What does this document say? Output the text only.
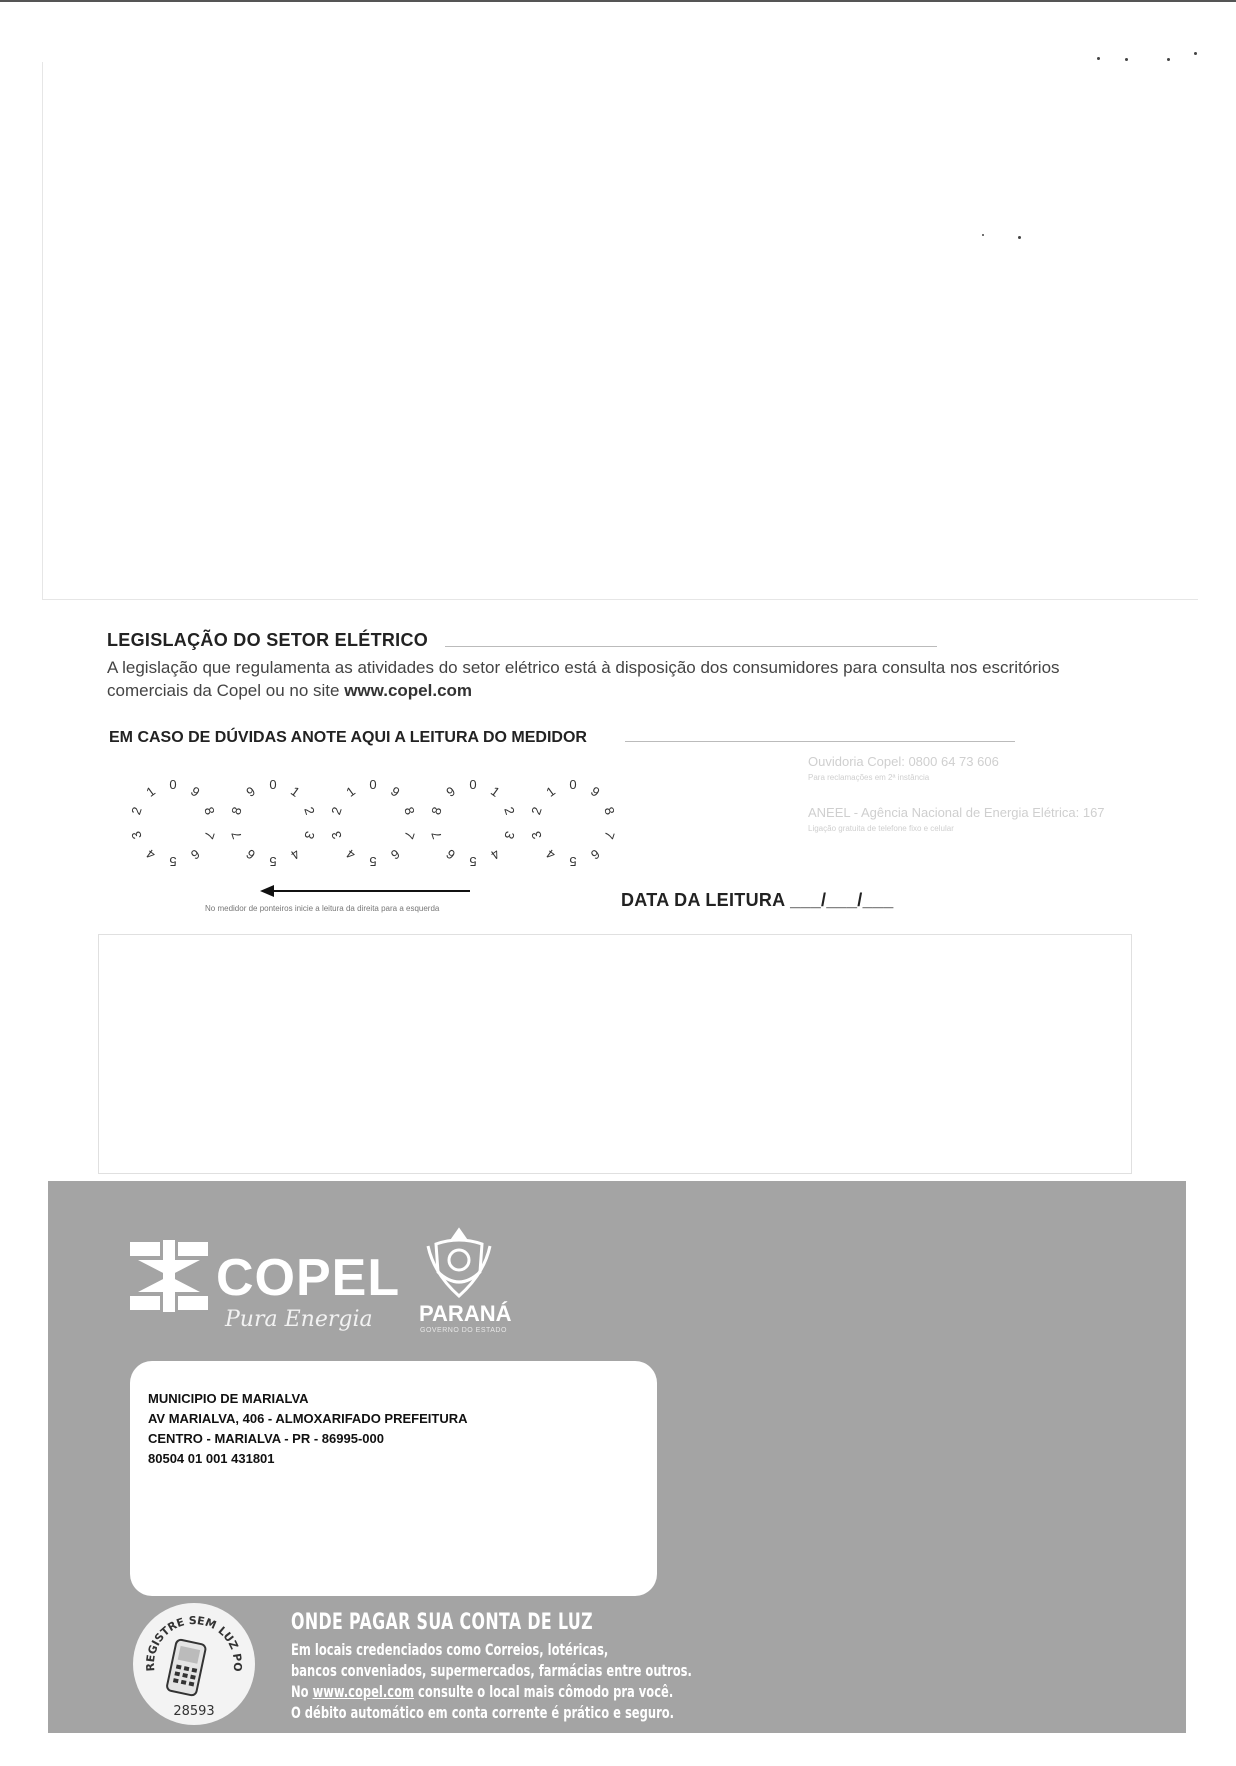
LEGISLAÇÃO DO SETOR ELÉTRICO
A legislação que regulamenta as atividades do setor elétrico está à disposição dos consumidores para consulta nos escritórios comerciais da Copel ou no site www.copel.com
EM CASO DE DÚVIDAS ANOTE AQUI A LEITURA DO MEDIDOR
Ouvidoria Copel: 0800 64 73 606
Para reclamações em 2ª instância
ANEEL - Agência Nacional de Energia Elétrica: 167
Ligação gratuita de telefone fixo e celular
0
1
2
3
4 5 6
7
8
9	0 1
2
3
4
5
6
7
8
9	0
1
2
3
4 5 6
7
8
9	0 1
2
3
4
5
6
7
8
9	0
1
2
3
4 5 6
7
8
9
No medidor de ponteiros inicie a leitura da direita para a esquerda	DATA DA LEITURA ___/___/___
COPEL
Pura Energia PARANÁ
GOVERNO DO ESTADO
MUNICIPIO DE MARIALVA
AV MARIALVA, 406 - ALMOXARIFADO PREFEITURA
CENTRO - MARIALVA - PR - 86995-000
80504 01 001 431801
REGISTRE SEM LUZ PO
28593
ONDE PAGAR SUA CONTA DE LUZ
Em locais credenciados como Correios, lotéricas,
bancos conveniados, supermercados, farmácias entre outros.
No www.copel.com consulte o local mais cômodo pra você.
O débito automático em conta corrente é prático e seguro.
